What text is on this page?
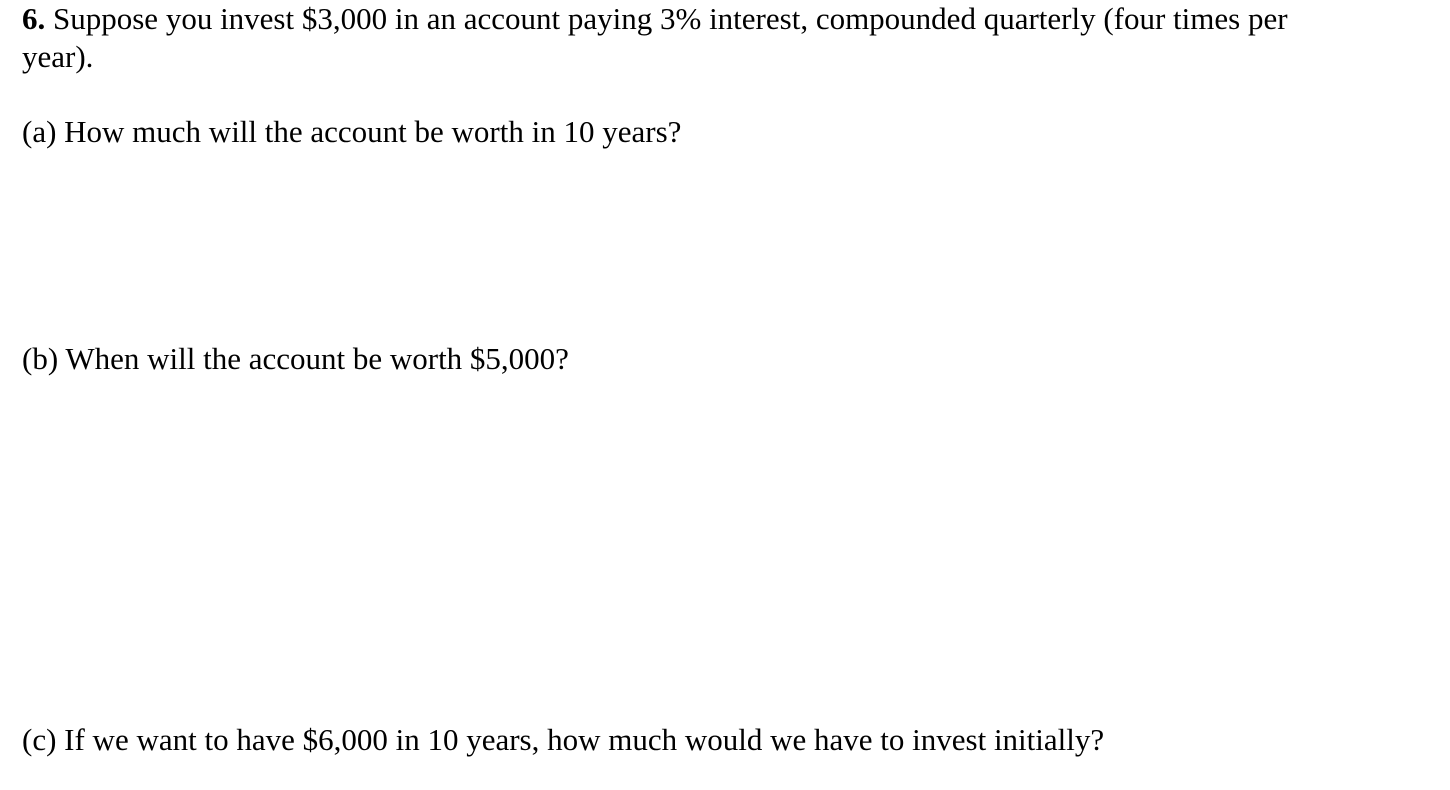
6. Suppose you invest $3,000 in an account paying 3% interest, compounded quarterly (four times per year).

(a) How much will the account be worth in 10 years?

(b) When will the account be worth $5,000?

(c) If we want to have $6,000 in 10 years, how much would we have to invest initially?
